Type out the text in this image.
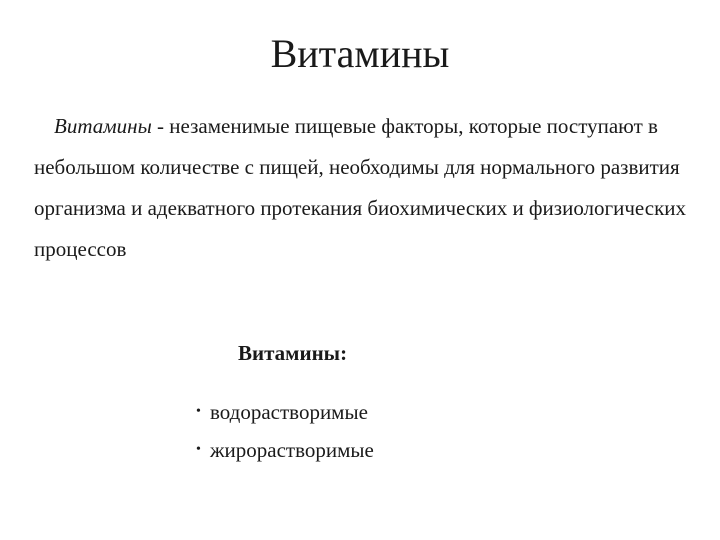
Витамины

Витамины - незаменимые пищевые факторы, которые поступают в небольшом количестве с пищей, необходимы для нормального развития организма и адекватного протекания биохимических и физиологических процессов

Витамины:

• водорастворимые
• жирорастворимые
